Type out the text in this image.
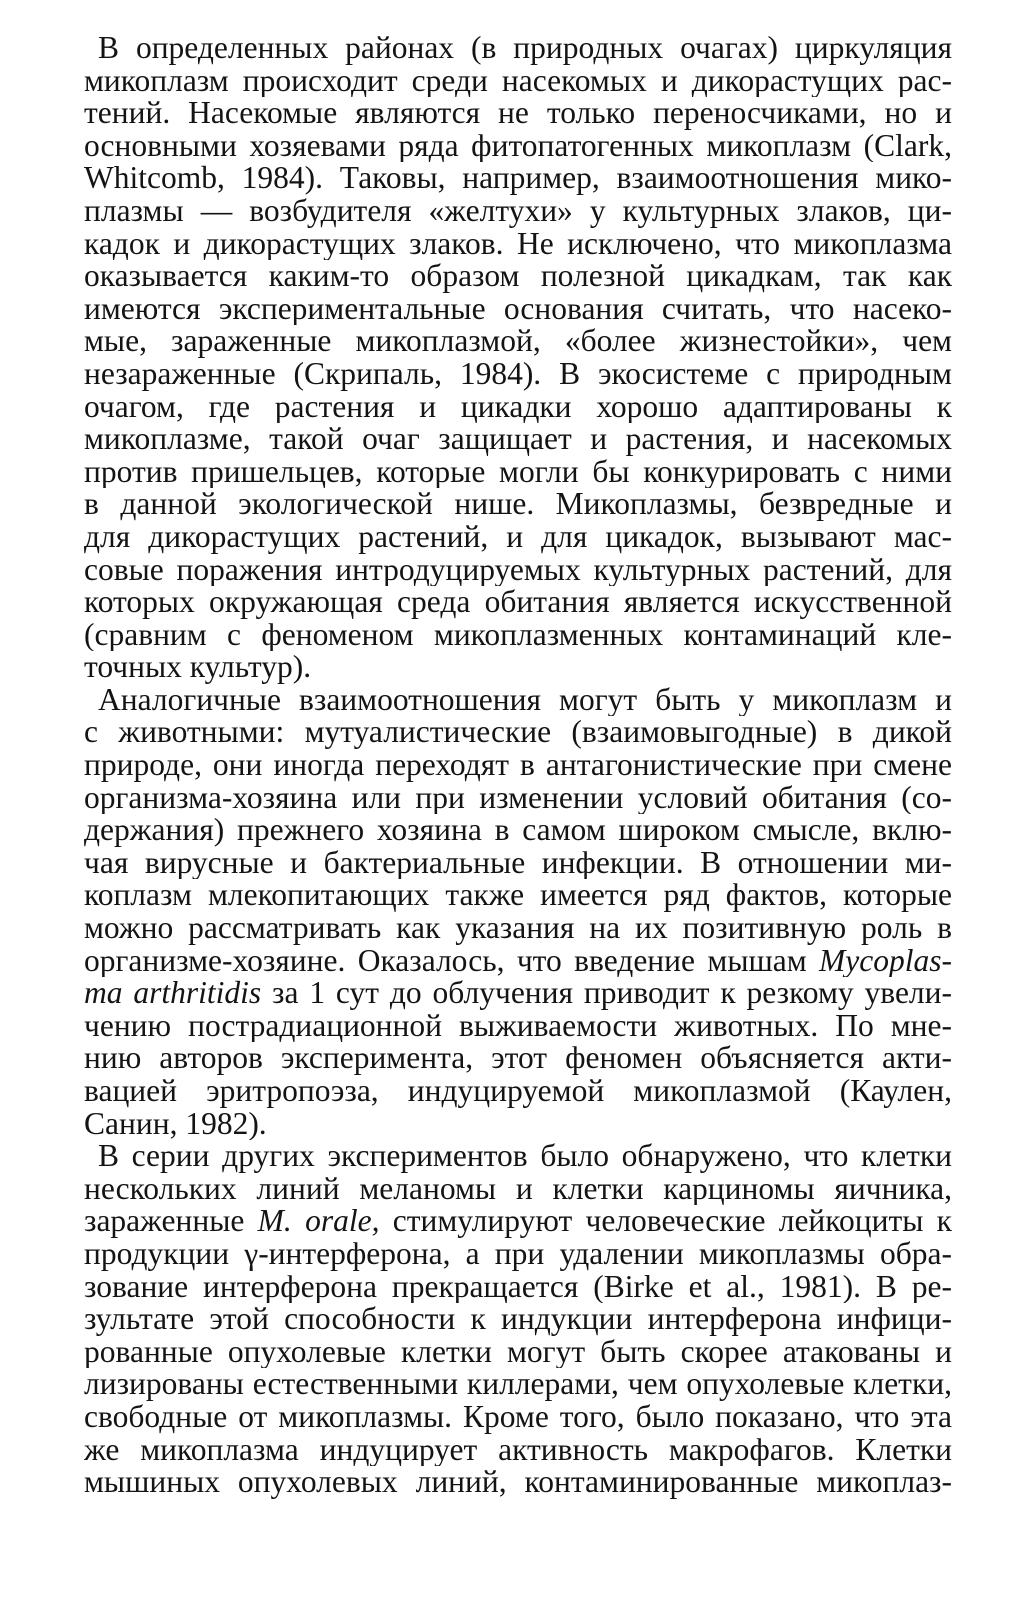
В определенных районах (в природных очагах) циркуляция
микоплазм происходит среди насекомых и дикорастущих рас-
тений. Насекомые являются не только переносчиками, но и
основными хозяевами ряда фитопатогенных микоплазм (Clark,
Whitcomb, 1984). Таковы, например, взаимоотношения мико-
плазмы — возбудителя «желтухи» у культурных злаков, ци-
кадок и дикорастущих злаков. Не исключено, что микоплазма
оказывается каким-то образом полезной цикадкам, так как
имеются экспериментальные основания считать, что насеко-
мые, зараженные микоплазмой, «более жизнестойки», чем
незараженные (Скрипаль, 1984). В экосистеме с природным
очагом, где растения и цикадки хорошо адаптированы к
микоплазме, такой очаг защищает и растения, и насекомых
против пришельцев, которые могли бы конкурировать с ними
в данной экологической нише. Микоплазмы, безвредные и
для дикорастущих растений, и для цикадок, вызывают мас-
совые поражения интродуцируемых культурных растений, для
которых окружающая среда обитания является искусственной
(сравним с феноменом микоплазменных контаминаций кле-
точных культур).
Аналогичные взаимоотношения могут быть у микоплазм и
с животными: мутуалистические (взаимовыгодные) в дикой
природе, они иногда переходят в антагонистические при смене
организма-хозяина или при изменении условий обитания (со-
держания) прежнего хозяина в самом широком смысле, вклю-
чая вирусные и бактериальные инфекции. В отношении ми-
коплазм млекопитающих также имеется ряд фактов, которые
можно рассматривать как указания на их позитивную роль в
организме-хозяине. Оказалось, что введение мышам Mycoplas-
ma arthritidis за 1 сут до облучения приводит к резкому увели-
чению пострадиационной выживаемости животных. По мне-
нию авторов эксперимента, этот феномен объясняется акти-
вацией эритропоэза, индуцируемой микоплазмой (Каулен,
Санин, 1982).
В серии других экспериментов было обнаружено, что клетки
нескольких линий меланомы и клетки карциномы яичника,
зараженные M. orale, стимулируют человеческие лейкоциты к
продукции γ-интерферона, а при удалении микоплазмы обра-
зование интерферона прекращается (Birke et al., 1981). В ре-
зультате этой способности к индукции интерферона инфици-
рованные опухолевые клетки могут быть скорее атакованы и
лизированы естественными киллерами, чем опухолевые клетки,
свободные от микоплазмы. Кроме того, было показано, что эта
же микоплазма индуцирует активность макрофагов. Клетки
мышиных опухолевых линий, контаминированные микоплаз-
